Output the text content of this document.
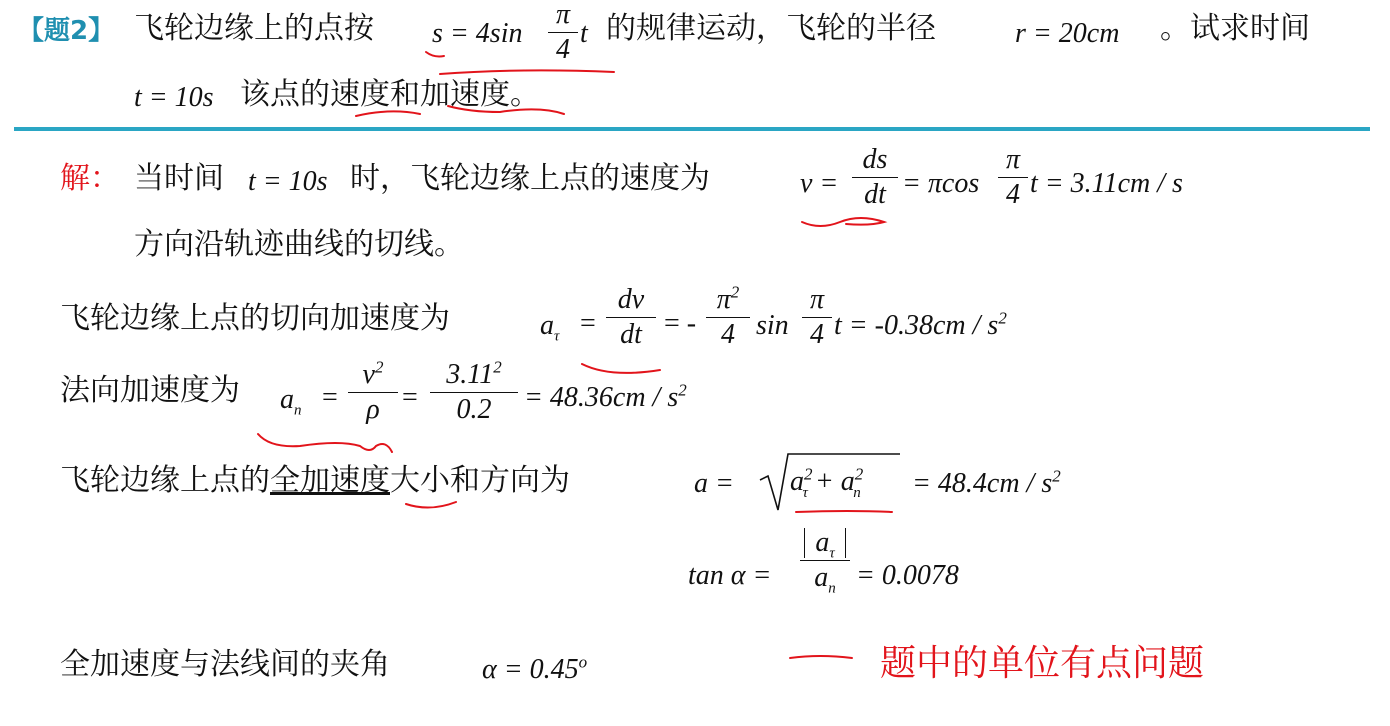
【题2】 飞轮边缘上的点按 s = 4sin
π
4
t 的规律运动，飞轮的半径	r = 20cm 。试求时间
t = 10s 该点的速度和加速度。
解： 当时间 t = 10s 时，飞轮边缘上点的速度为	v =
ds
dt = πcos
π
4 t = 3.11cm / s
方向沿轨迹曲线的切线。
飞轮边缘上点的切向加速度为	$a_\tau$ =
dv
dt = -
$\pi^2$
4 sin
π
4 $t = -0.38cm / s^2$
法向加速度为 $a_n$ =
$v^2$
ρ =
$3.11^2$
0.2	= $48.36cm / s^2$
飞轮边缘上点的全加速度大小和方向为	$a = a^2_\tau + a^2_n = 48.4cm / s^2$
tan α =
$a_\tau$
$a_n = 0.0078$
全加速度与法线间的夹角	$\alpha = 0.45^o$	题中的单位有点问题
